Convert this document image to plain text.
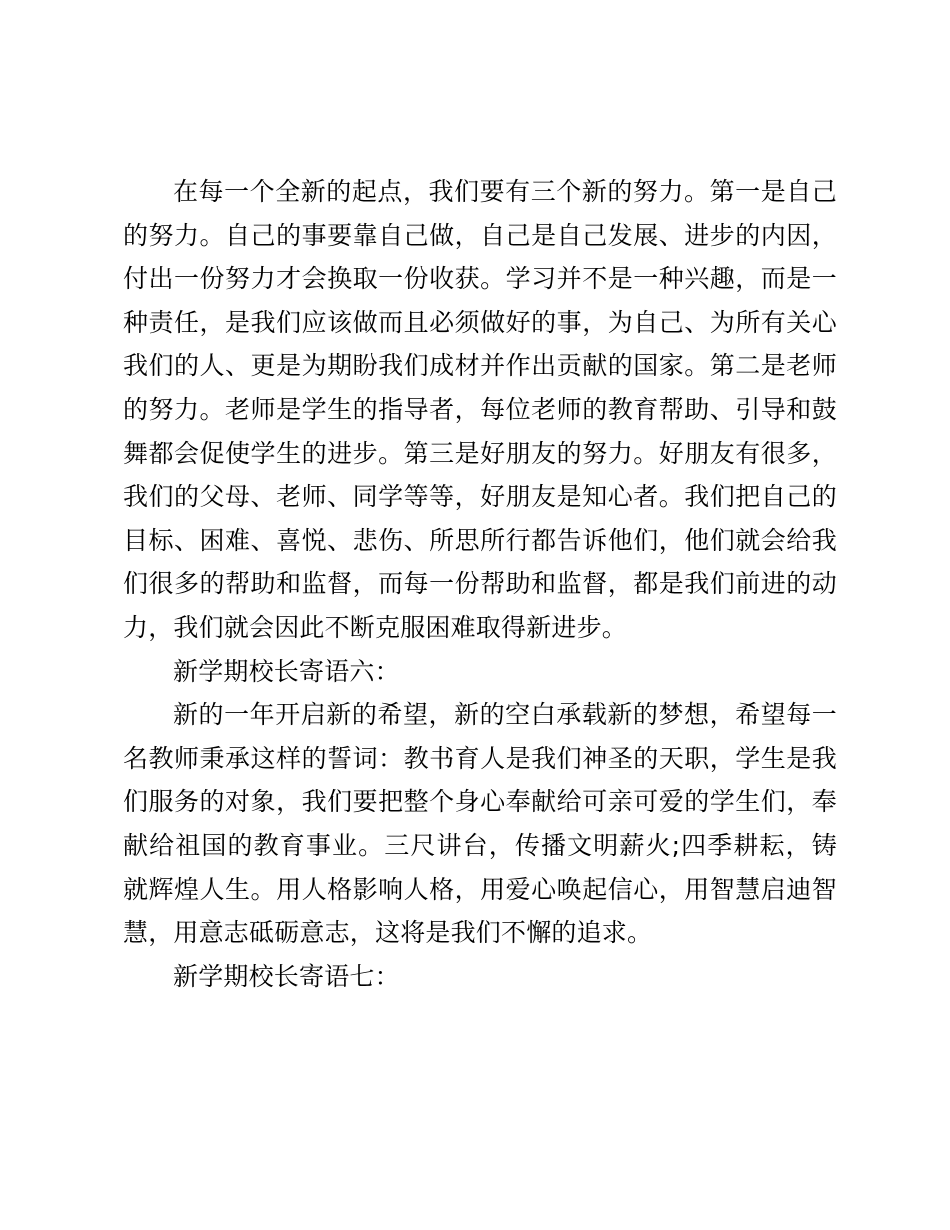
在每一个全新的起点，我们要有三个新的努力。第一是自己的努力。自己的事要靠自己做，自己是自己发展、进步的内因，付出一份努力才会换取一份收获。学习并不是一种兴趣，而是一种责任，是我们应该做而且必须做好的事，为自己、为所有关心我们的人、更是为期盼我们成材并作出贡献的国家。第二是老师的努力。老师是学生的指导者，每位老师的教育帮助、引导和鼓舞都会促使学生的进步。第三是好朋友的努力。好朋友有很多，我们的父母、老师、同学等等，好朋友是知心者。我们把自己的目标、困难、喜悦、悲伤、所思所行都告诉他们，他们就会给我们很多的帮助和监督，而每一份帮助和监督，都是我们前进的动力，我们就会因此不断克服困难取得新进步。

新学期校长寄语六：

新的一年开启新的希望，新的空白承载新的梦想，希望每一名教师秉承这样的誓词：教书育人是我们神圣的天职，学生是我们服务的对象，我们要把整个身心奉献给可亲可爱的学生们，奉献给祖国的教育事业。三尺讲台，传播文明薪火;四季耕耘，铸就辉煌人生。用人格影响人格，用爱心唤起信心，用智慧启迪智慧，用意志砥砺意志，这将是我们不懈的追求。

新学期校长寄语七：
